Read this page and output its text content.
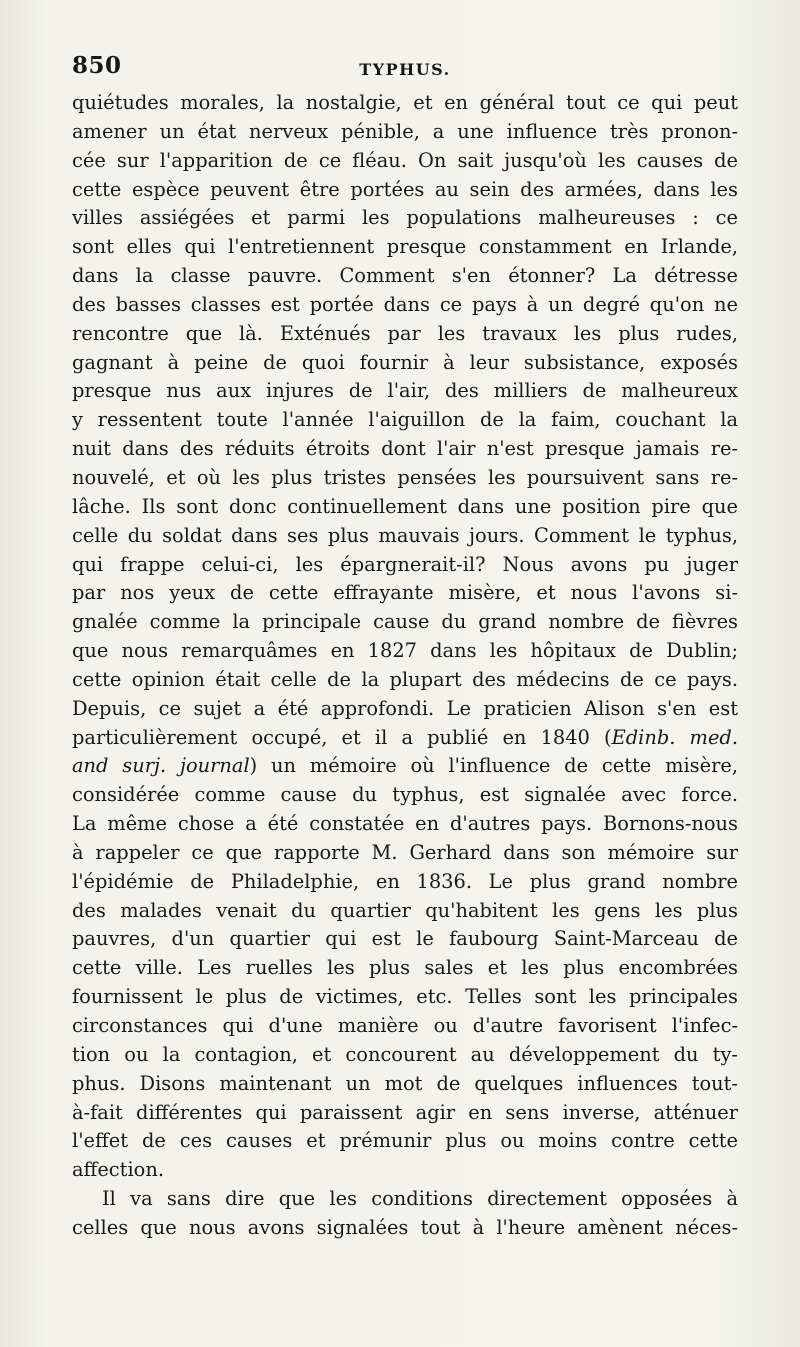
850	TYPHUS.
quiétudes morales, la nostalgie, et en général tout ce qui peut
amener un état nerveux pénible, a une influence très pronon-
cée sur l'apparition de ce fléau. On sait jusqu'où les causes de
cette espèce peuvent être portées au sein des armées, dans les
villes assiégées et parmi les populations malheureuses : ce
sont elles qui l'entretiennent presque constamment en Irlande,
dans la classe pauvre. Comment s'en étonner? La détresse
des basses classes est portée dans ce pays à un degré qu'on ne
rencontre que là. Exténués par les travaux les plus rudes,
gagnant à peine de quoi fournir à leur subsistance, exposés
presque nus aux injures de l'air, des milliers de malheureux
y ressentent toute l'année l'aiguillon de la faim, couchant la
nuit dans des réduits étroits dont l'air n'est presque jamais re-
nouvelé, et où les plus tristes pensées les poursuivent sans re-
lâche. Ils sont donc continuellement dans une position pire que
celle du soldat dans ses plus mauvais jours. Comment le typhus,
qui frappe celui-ci, les épargnerait-il? Nous avons pu juger
par nos yeux de cette effrayante misère, et nous l'avons si-
gnalée comme la principale cause du grand nombre de fièvres
que nous remarquâmes en 1827 dans les hôpitaux de Dublin;
cette opinion était celle de la plupart des médecins de ce pays.
Depuis, ce sujet a été approfondi. Le praticien Alison s'en est
particulièrement occupé, et il a publié en 1840 (Edinb. med.
and surj. journal) un mémoire où l'influence de cette misère,
considérée comme cause du typhus, est signalée avec force.
La même chose a été constatée en d'autres pays. Bornons-nous
à rappeler ce que rapporte M. Gerhard dans son mémoire sur
l'épidémie de Philadelphie, en 1836. Le plus grand nombre
des malades venait du quartier qu'habitent les gens les plus
pauvres, d'un quartier qui est le faubourg Saint-Marceau de
cette ville. Les ruelles les plus sales et les plus encombrées
fournissent le plus de victimes, etc. Telles sont les principales
circonstances qui d'une manière ou d'autre favorisent l'infec-
tion ou la contagion, et concourent au développement du ty-
phus. Disons maintenant un mot de quelques influences tout-
à-fait différentes qui paraissent agir en sens inverse, atténuer
l'effet de ces causes et prémunir plus ou moins contre cette
affection.
Il va sans dire que les conditions directement opposées à
celles que nous avons signalées tout à l'heure amènent néces-
